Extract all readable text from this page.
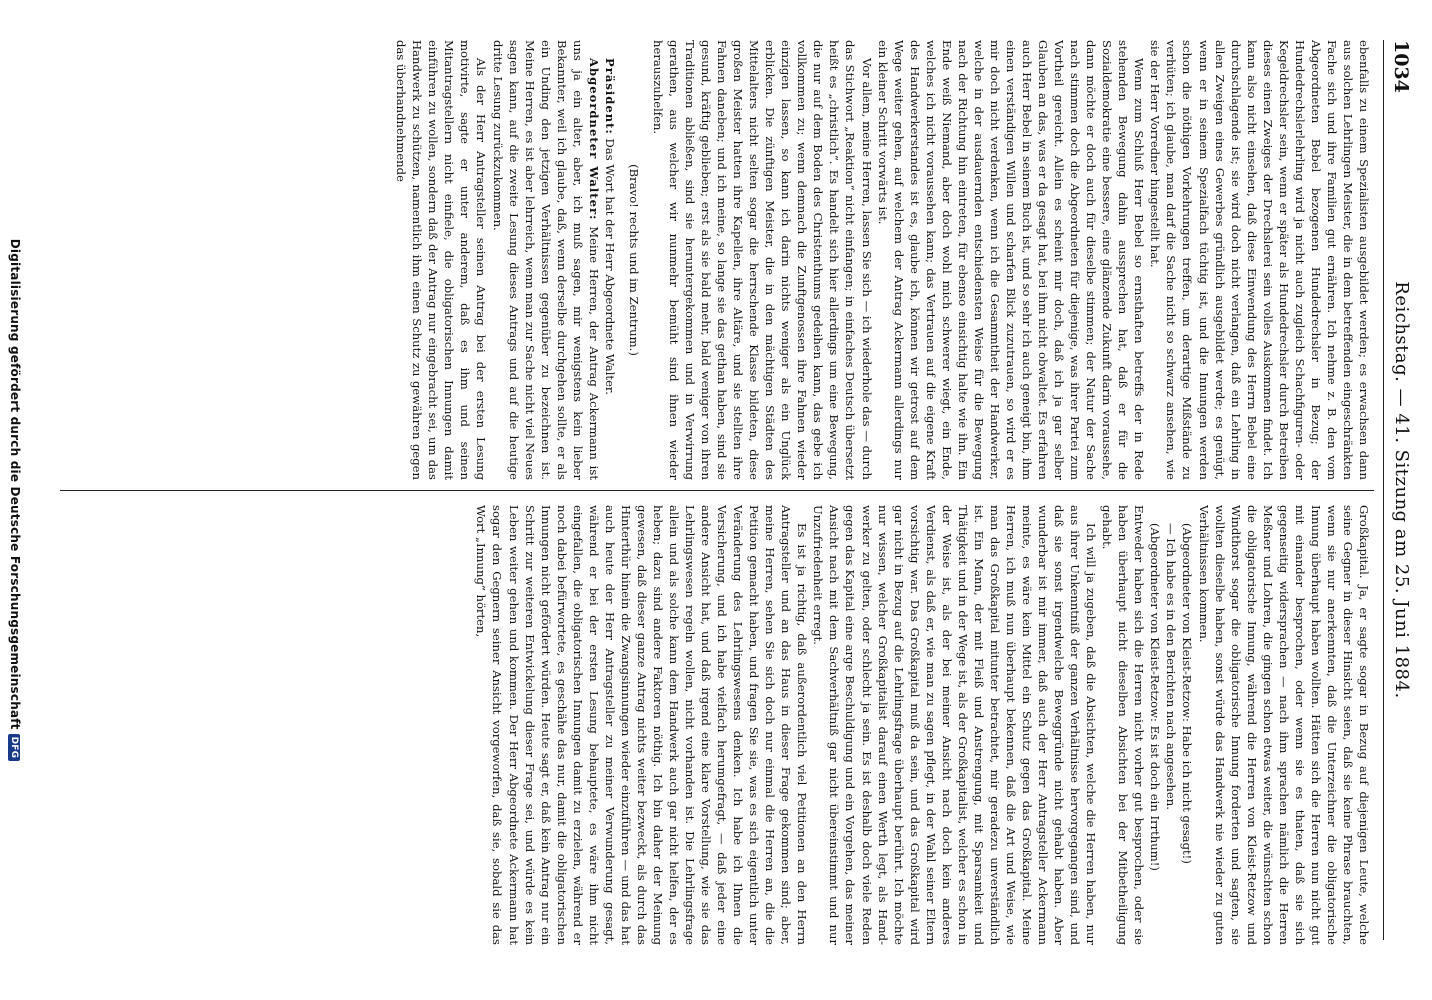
1034
Reichstag. — 41. Sitzung am 25. Juni 1884.

ebenfalls zu einem Spezialisten ausgebildet werden; es erwachsen dann aus solchen Lehrlingen Meister, die in dem betreffenden eingeschränkten Fache sich und ihre Familien gut ernähren. Ich nehme z. B. den vom Abgeordneten Bebel bezogenen Hundedrechsler in Bezug; der Hundedrechslerlehrling wird ja nicht auch zugleich Schachfiguren- oder Kegeldrechsler sein, wenn er später als Hundedrechsler durch Betreiben dieses einen Zweiges der Drechslerei sein volles Auskommen findet. Ich kann also nicht einsehen, daß diese Einwendung des Herrn Bebel eine durchschlagende ist; sie wird doch nicht verlangen, daß ein Lehrling in allen Zweigen eines Gewerbes gründlich ausgebildet werde; es genügt, wenn er in seinem Spezialfach tüchtig ist, und die Innungen werden schon die nöthigen Vorkehrungen treffen, um derartige Mißstände zu verhüten; ich glaube, man darf die Sache nicht so schwarz ansehen, wie sie der Herr Vorredner hingestellt hat.

Wenn zum Schluß Herr Bebel so ernsthaften betreffs der in Rede stehenden Bewegung dahin aussprechen hat, daß er für die Sozialdemokratie eine bessere, eine glänzende Zukunft darin voraussehe, dann möchte er doch auch für dieselbe stimmen; der Natur der Sache nach stimmen doch die Abgeordneten für diejenige, was ihrer Partei zum Vortheil gereicht. Allein es scheint mir doch, daß ich ja gar selber Glauben an das, was er da gesagt hat, bei ihm nicht obwaltet. Es erfahren auch Herr Bebel in seinem Buch ist, und so sehr ich auch geneigt bin, ihm einen verständigen Willen und scharfen Blick zuzutrauen, so wird er es mir doch nicht verdenken, wenn ich die Gesammtheit der Handwerker, welche in der ausdauernden entschiedensten Weise für die Bewegung nach der Richtung hin eintreten, für ebenso einsichtig halte wie ihn. Ein Ende weiß Niemand, aber doch wohl mich schwerer wiegt, ein Ende, welches ich nicht voraussehen kann; das Vertrauen auf die eigene Kraft des Handwerkerstandes ist es, glaube ich, können wir getrost auf dem Wege weiter gehen, auf welchem der Antrag Ackermann allerdings nur ein kleiner Schritt vorwärts ist.

Vor allem, meine Herren, lassen Sie sich — ich wiederhole das — durch das Stichwort „Reaktion“ nicht einfangen; in einfaches Deutsch übersetzt heißt es „christlich“. Es handelt sich hier allerdings um eine Bewegung, die nur auf dem Boden des Christenthums gedeihen kann, das gebe ich vollkommen zu; wenn demnach die Zunftgenossen ihre Fahnen wieder einzigen lassen, so kann ich darin nichts weniger als ein Unglück erblicken. Die zünftigen Meister, die in den mächtigen Städten des Mittelalters nicht selten sogar die herrschende Klasse bildeten, diese großen Meister hatten ihre Kapellen, ihre Altäre, und sie stellten ihre Fahnen daneben; und ich meine, so lange sie das gethan haben, sind sie gesund, kräftig geblieben; erst als sie bald mehr, bald weniger von ihren Traditionen abließen, sind sie heruntergekommen und in Verwirrung gerathen, aus welcher wir nunmehr bemüht sind ihnen wieder herauszuhelfen.

(Bravo! rechts und im Zentrum.)

Präsident: Das Wort hat der Herr Abgeordnete Walter.

Abgeordneter Walter: Meine Herren, der Antrag Ackermann ist uns ja ein alter, aber, ich muß sagen, mir wenigstens kein lieber Bekannter, weil ich glaube, daß, wenn derselbe durchgehen sollte, er als ein Unding den jetzigen Verhältnissen gegenüber zu bezeichnen ist. Meine Herren, es ist aber lehrreich, wenn man zur Sache nicht viel Neues sagen kann, auf die zweite Lesung dieses Antrags und auf die heutige dritte Lesung zurückzukommen.

Als der Herr Antragsteller seinen Antrag bei der ersten Lesung motivirte, sagte er unter anderem, daß es ihm und seinen Mitantragstellern nicht einfiele, die obligatorischen Innungen damit einführen zu wollen, sondern daß der Antrag nur eingebracht sei, um das Handwerk zu schützen, namentlich ihm einen Schutz zu gewähren gegen das überhandnehmende

Großkapital. Ja, er sagte sogar in Bezug auf diejenigen Leute, welche seine Gegner in dieser Hinsicht seien, daß sie keine Phrase brauchten, wenn sie nur anerkennten, daß die Unterzeichner die obligatorische Innung überhaupt haben wollten. Hätten sich die Herren nun nicht gut mit einander besprochen, oder wenn sie es thaten, daß sie sich gegenseitig widersprachen — nach ihm sprachen nämlich die Herren Meßner und Lohren, die gingen schon etwas weiter, die wünschten schon die obligatorische Innung, während die Herren von Kleist-Retzow und Windthorst sogar die obligatorische Innung forderten und sagten, sie wollten dieselbe haben, sonst würde das Handwerk nie wieder zu guten Verhältnissen kommen.

(Abgeordneter von Kleist-Retzow: Habe ich nicht gesagt!)

— Ich habe es in den Berichten nach angesehen.

(Abgeordneter von Kleist-Retzow: Es ist doch ein Irrthum!)

Entweder haben sich die Herren nicht vorher gut besprochen, oder sie haben überhaupt nicht dieselben Absichten bei der Mitbetheiligung gehabt.

Ich will ja zugeben, daß die Absichten, welche die Herren haben, nur aus ihrer Unkenntniß der ganzen Verhältnisse hervorgegangen sind, und daß sie sonst irgendwelche Beweggründe nicht gehabt haben. Aber wunderbar ist mir immer, daß auch der Herr Antragsteller Ackermann meinte, es wäre kein Mittel ein Schutz gegen das Großkapital. Meine Herren, ich muß nun überhaupt bekennen, daß die Art und Weise, wie man das Großkapital mitunter betrachtet, mir geradezu unverständlich ist. Ein Mann, der mit Fleiß und Anstrengung, mit Sparsamkeit und Thätigkeit und in der Wege ist, als der Großkapitalist, welcher es schon in der Weise ist, als der bei meiner Ansicht nach doch kein anderes Verdienst, als daß er, wie man zu sagen pflegt, in der Wahl seiner Eltern vorsichtig war. Das Großkapital muß da sein, und das Großkapital wird gar nicht in Bezug auf die Lehrlingsfrage überhaupt berührt. Ich möchte nur wissen, welcher Großkapitalist darauf einen Werth legt, als Handwerker zu gelten, oder schlecht ja sein. Es ist deshalb doch viele Reden gegen das Kapital eine arge Beschuldigung und ein Vorgehen, das meiner Ansicht nach mit dem Sachverhältniß gar nicht übereinstimmt und nur Unzufriedenheit erregt.

Es ist ja richtig, daß außerordentlich viel Petitionen an den Herrn Antragsteller und an das Haus in dieser Frage gekommen sind; aber, meine Herren, sehen Sie sich doch nur einmal die Herren an, die die Petition gemacht haben, und fragen Sie sie, was es sich eigentlich unter Veränderung des Lehrlingswesens denken. Ich habe ich Ihnen die Versicherung, und ich habe vielfach herumgefragt, — daß jeder eine andere Ansicht hat, und daß irgend eine klare Vorstellung, wie sie das Lehrlingswesen regeln wollen, nicht vorhanden ist. Die Lehrlingsfrage allein und als solche kann dem Handwerk auch gar nicht helfen, der es heben; dazu sind andere Faktoren nöthig. Ich bin daher der Meinung gewesen, daß dieser ganze Antrag nichts weiter bezweckt, als durch das Hinterthür hinein die Zwangsinnungen wieder einzuführen — und das hat auch heute der Herr Antragsteller zu meiner Verwunderung gesagt, während er bei der ersten Lesung behauptete, es wäre ihm nicht eingefallen, die obligatorischen Innungen damit zu erzielen, während er noch dabei befürwortete, es geschähe das nur, damit die obligatorischen Innungen nicht gefördert würden. Heute sagt er, daß kein Antrag nur ein Schritt zur weiteren Entwickelung dieser Frage sei, und würde es kein Leben weiter gehen und kommen. Der Herr Abgeordnete Ackermann hat sogar den Gegnern seiner Ansicht vorgeworfen, daß sie, sobald sie das Wort „Innung“ hörten,

Digitalisierung gefördert durch die Deutsche ForschungsgemeinschaftDFG
